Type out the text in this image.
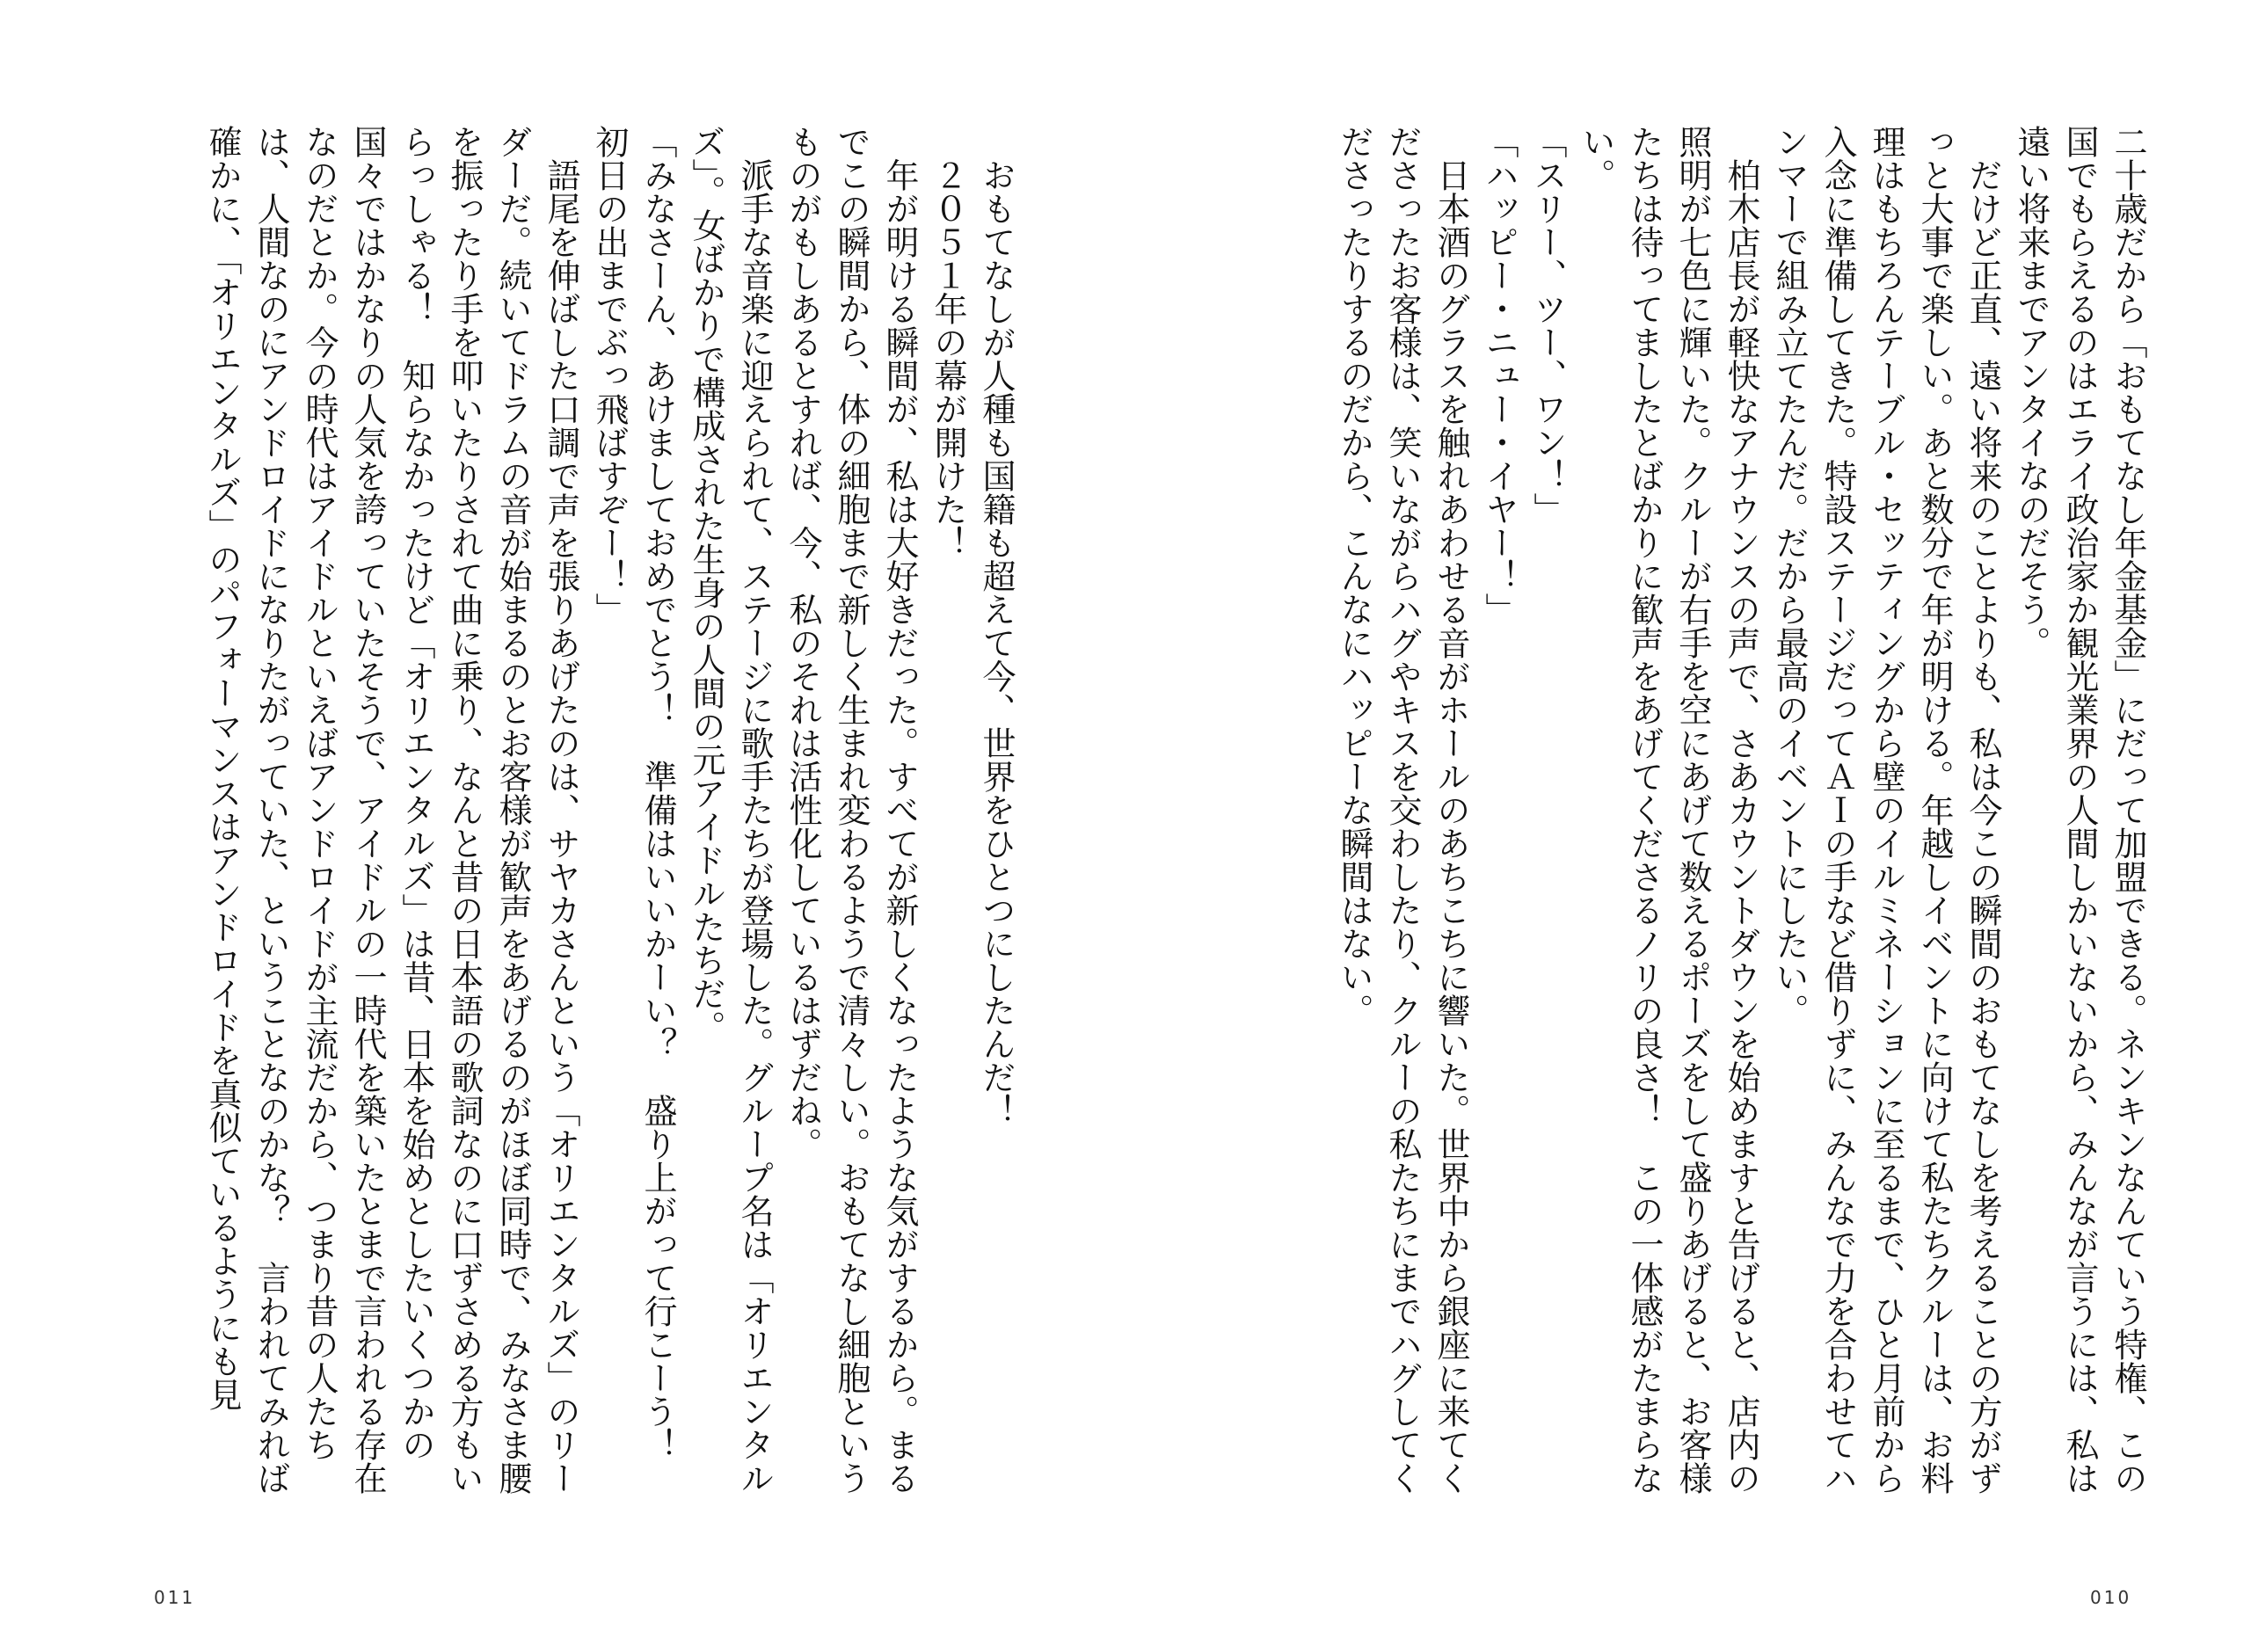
二十歳だから「おもてなし年金基金」にだって加盟できる。ネンキンなんていう特権、この国でもらえるのはエライ政治家か観光業界の人間しかいないから、みんなが言うには、私は遠い将来までアンタイなのだそう。

　だけど正直、遠い将来のことよりも、私は今この瞬間のおもてなしを考えることの方がずっと大事で楽しい。あと数分で年が明ける。年越しイベントに向けて私たちクルーは、お料理はもちろんテーブル・セッティングから壁のイルミネーションに至るまで、ひと月前から入念に準備してきた。特設ステージだってＡＩの手など借りずに、みんなで力を合わせてハンマーで組み立てたんだ。だから最高のイベントにしたい。

　柏木店長が軽快なアナウンスの声で、さあカウントダウンを始めますと告げると、店内の照明が七色に輝いた。クルーが右手を空にあげて数えるポーズをして盛りあげると、お客様たちは待ってましたとばかりに歓声をあげてくださるノリの良さ！　この一体感がたまらない。

「スリー、ツー、ワン！」

「ハッピー・ニュー・イヤー！」

　日本酒のグラスを触れあわせる音がホールのあちこちに響いた。世界中から銀座に来てくださったお客様は、笑いながらハグやキスを交わしたり、クルーの私たちにまでハグしてくださったりするのだから、こんなにハッピーな瞬間はない。

010

　おもてなしが人種も国籍も超えて今、世界をひとつにしたんだ！

　２０５１年の幕が開けた！

　年が明ける瞬間が、私は大好きだった。すべてが新しくなったような気がするから。まるでこの瞬間から、体の細胞まで新しく生まれ変わるようで清々しい。おもてなし細胞というものがもしあるとすれば、今、私のそれは活性化しているはずだね。

　派手な音楽に迎えられて、ステージに歌手たちが登場した。グループ名は「オリエンタルズ」。女ばかりで構成された生身の人間の元アイドルたちだ。

「みなさーん、あけましておめでとう！　準備はいいかーい？　盛り上がって行こーう！　初日の出までぶっ飛ばすぞー！」

　語尾を伸ばした口調で声を張りあげたのは、サヤカさんという「オリエンタルズ」のリーダーだ。続いてドラムの音が始まるのとお客様が歓声をあげるのがほぼ同時で、みなさま腰を振ったり手を叩いたりされて曲に乗り、なんと昔の日本語の歌詞なのに口ずさめる方もいらっしゃる！　知らなかったけど「オリエンタルズ」は昔、日本を始めとしたいくつかの国々ではかなりの人気を誇っていたそうで、アイドルの一時代を築いたとまで言われる存在なのだとか。今の時代はアイドルといえばアンドロイドが主流だから、つまり昔の人たちは、人間なのにアンドロイドになりたがっていた、ということなのかな？　言われてみれば確かに、「オリエンタルズ」のパフォーマンスはアンドロイドを真似ているようにも見

011
